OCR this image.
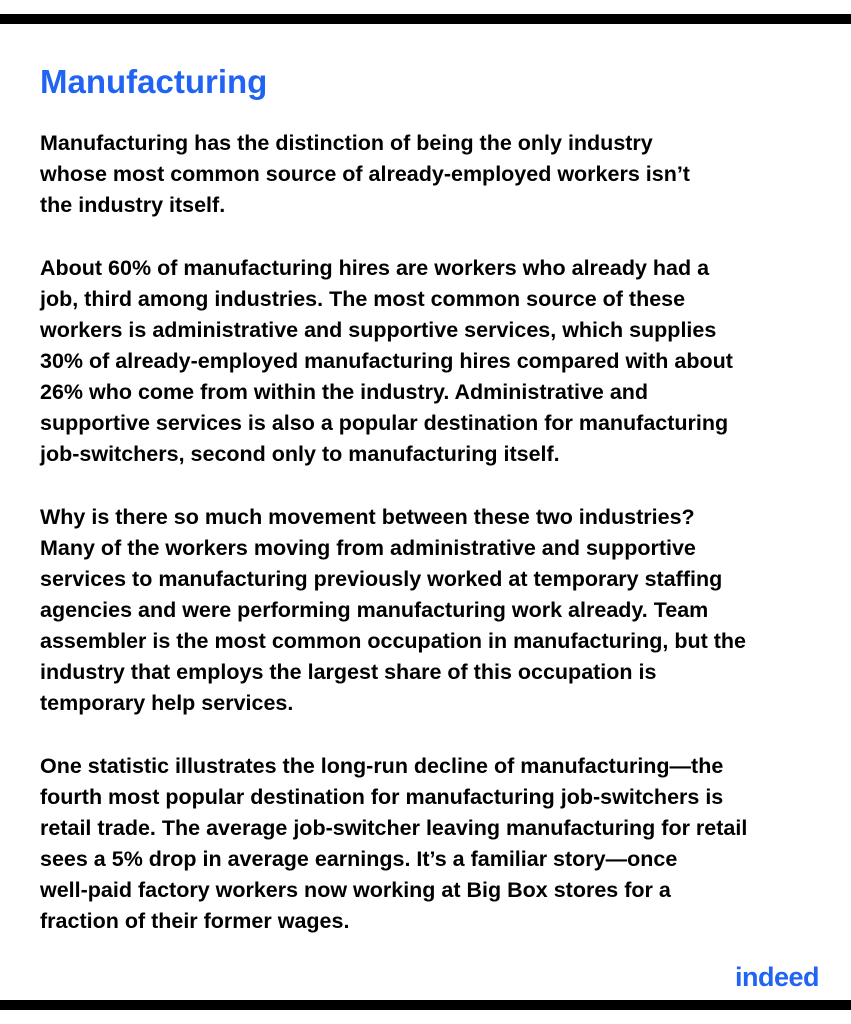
Manufacturing

Manufacturing has the distinction of being the only industry
whose most common source of already-employed workers isn’t
the industry itself.

About 60% of manufacturing hires are workers who already had a
job, third among industries. The most common source of these
workers is administrative and supportive services, which supplies
30% of already-employed manufacturing hires compared with about
26% who come from within the industry. Administrative and
supportive services is also a popular destination for manufacturing
job-switchers, second only to manufacturing itself.

Why is there so much movement between these two industries?
Many of the workers moving from administrative and supportive
services to manufacturing previously worked at temporary staffing
agencies and were performing manufacturing work already. Team
assembler is the most common occupation in manufacturing, but the
industry that employs the largest share of this occupation is
temporary help services.

One statistic illustrates the long-run decline of manufacturing—the
fourth most popular destination for manufacturing job-switchers is
retail trade. The average job-switcher leaving manufacturing for retail
sees a 5% drop in average earnings. It’s a familiar story—once
well-paid factory workers now working at Big Box stores for a
fraction of their former wages.

indeed
